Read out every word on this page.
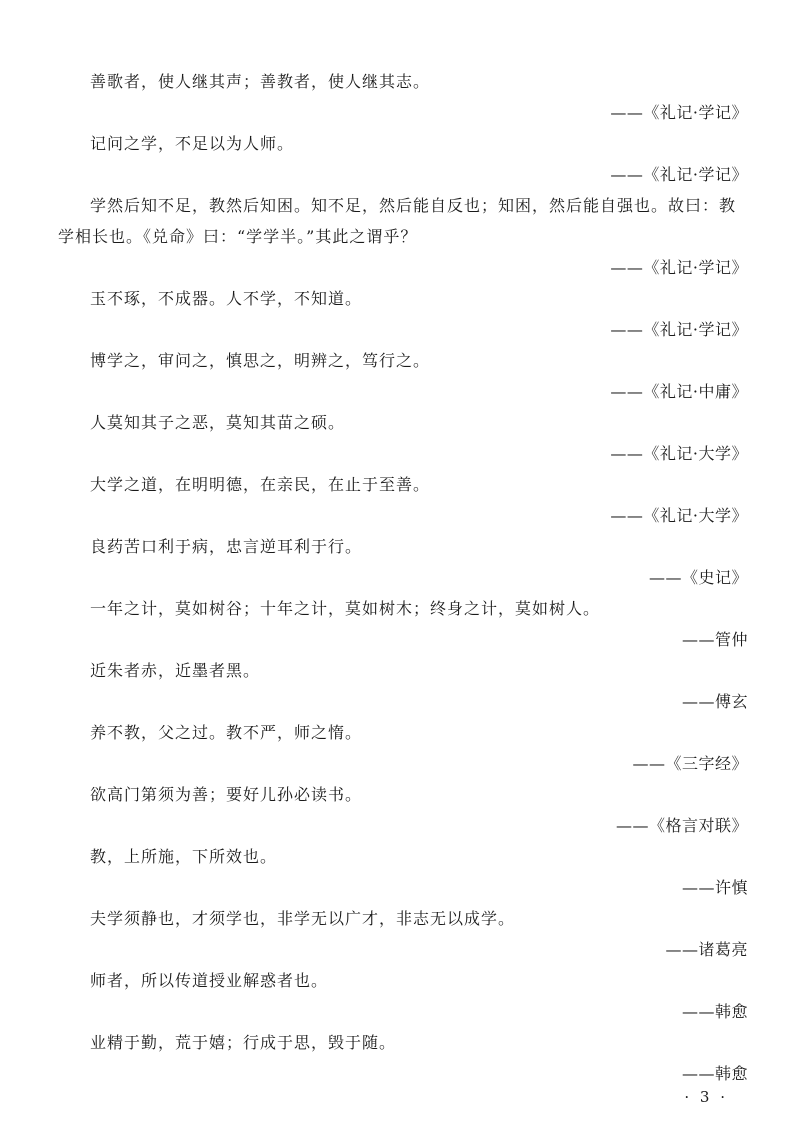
善歌者，使人继其声；善教者，使人继其志。

——《礼记·学记》

记问之学，不足以为人师。

——《礼记·学记》

学然后知不足，教然后知困。知不足，然后能自反也；知困，然后能自强也。故曰：教学相长也。《兑命》曰：“学学半。”其此之谓乎？

——《礼记·学记》

玉不琢，不成器。人不学，不知道。

——《礼记·学记》

博学之，审问之，慎思之，明辨之，笃行之。

——《礼记·中庸》

人莫知其子之恶，莫知其苗之硕。

——《礼记·大学》

大学之道，在明明德，在亲民，在止于至善。

——《礼记·大学》

良药苦口利于病，忠言逆耳利于行。

——《史记》

一年之计，莫如树谷；十年之计，莫如树木；终身之计，莫如树人。

——管仲

近朱者赤，近墨者黑。

——傅玄

养不教，父之过。教不严，师之惰。

——《三字经》

欲高门第须为善；要好儿孙必读书。

——《格言对联》

教，上所施，下所效也。

——许慎

夫学须静也，才须学也，非学无以广才，非志无以成学。

——诸葛亮

师者，所以传道授业解惑者也。

——韩愈

业精于勤，荒于嬉；行成于思，毁于随。

——韩愈

· 3 ·
